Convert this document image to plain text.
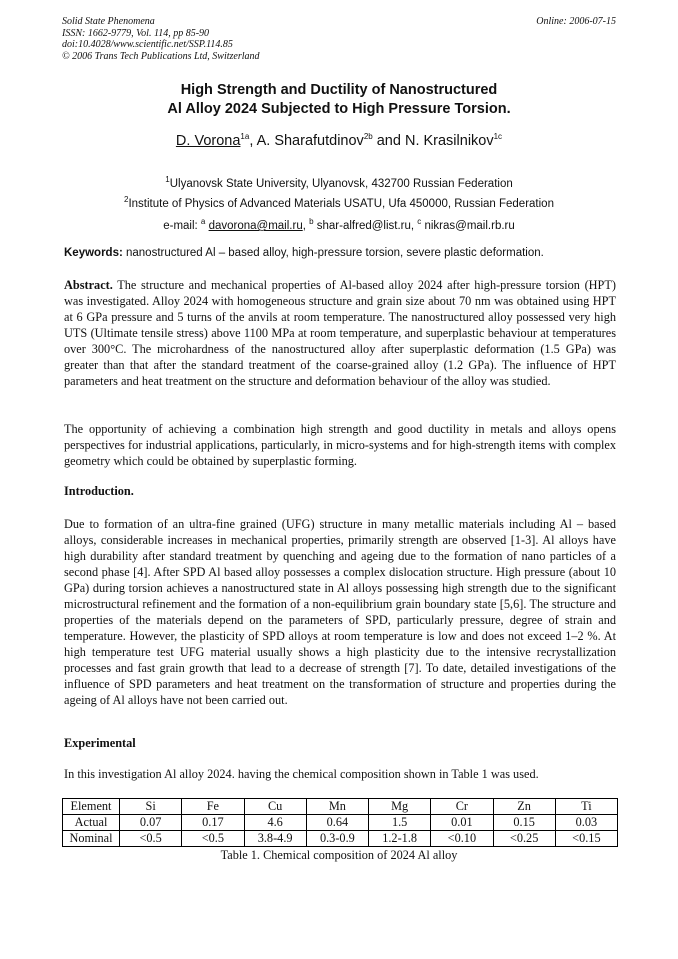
Solid State Phenomena
ISSN: 1662-9779, Vol. 114, pp 85-90
doi:10.4028/www.scientific.net/SSP.114.85
© 2006 Trans Tech Publications Ltd, Switzerland
Online: 2006-07-15
High Strength and Ductility of Nanostructured
Al Alloy 2024 Subjected to High Pressure Torsion.
D. Vorona$^{1a}$, A. Sharafutdinov$^{2b}$ and N. Krasilnikov$^{1c}$
$^1$Ulyanovsk State University, Ulyanovsk, 432700 Russian Federation
$^2$Institute of Physics of Advanced Materials USATU, Ufa 450000, Russian Federation
e-mail: $^a$ davorona@mail.ru, $^b$ shar-alfred@list.ru, $^c$ nikras@mail.rb.ru
Keywords: nanostructured Al – based alloy, high-pressure torsion, severe plastic deformation.

Abstract. The structure and mechanical properties of Al-based alloy 2024 after high-pressure torsion (HPT) was investigated. Alloy 2024 with homogeneous structure and grain size about 70 nm was obtained using HPT at 6 GPa pressure and 5 turns of the anvils at room temperature. The nanostructured alloy possessed very high UTS (Ultimate tensile stress) above 1100 MPa at room temperature, and superplastic behaviour at temperatures over 300°C. The microhardness of the nanostructured alloy after superplastic deformation (1.5 GPa) was greater than that after the standard treatment of the coarse-grained alloy (1.2 GPa). The influence of HPT parameters and heat treatment on the structure and deformation behaviour of the alloy was studied.

The opportunity of achieving a combination high strength and good ductility in metals and alloys opens perspectives for industrial applications, particularly, in micro-systems and for high-strength items with complex geometry which could be obtained by superplastic forming.

Introduction.

Due to formation of an ultra-fine grained (UFG) structure in many metallic materials including Al – based alloys, considerable increases in mechanical properties, primarily strength are observed [1-3]. Al alloys have high durability after standard treatment by quenching and ageing due to the formation of nano particles of a second phase [4]. After SPD Al based alloy possesses a complex dislocation structure. High pressure (about 10 GPa) during torsion achieves a nanostructured state in Al alloys possessing high strength due to the significant microstructural refinement and the formation of a non-equilibrium grain boundary state [5,6]. The structure and properties of the materials depend on the parameters of SPD, particularly pressure, degree of strain and temperature. However, the plasticity of SPD alloys at room temperature is low and does not exceed 1–2 %. At high temperature test UFG material usually shows a high plasticity due to the intensive recrystallization processes and fast grain growth that lead to a decrease of strength [7]. To date, detailed investigations of the influence of SPD parameters and heat treatment on the transformation of structure and properties during the ageing of Al alloys have not been carried out.

Experimental

In this investigation Al alloy 2024. having the chemical composition shown in Table 1 was used.

Element	Si	Fe	Cu	Mn	Mg	Cr	Zn	Ti
Actual	0.07	0.17	4.6	0.64	1.5	0.01	0.15	0.03
Nominal	<0.5	<0.5	3.8-4.9	0.3-0.9	1.2-1.8	<0.10	<0.25	<0.15
Table 1. Chemical composition of 2024 Al alloy
